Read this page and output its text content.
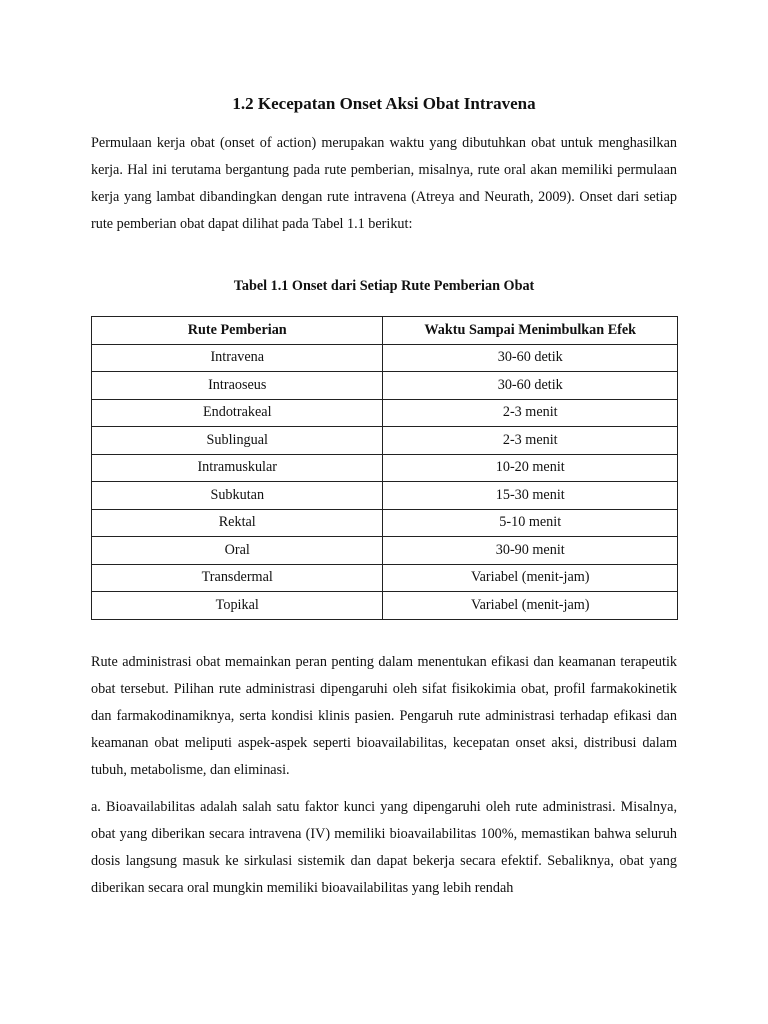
1.2 Kecepatan Onset Aksi Obat Intravena

Permulaan kerja obat (onset of action) merupakan waktu yang dibutuhkan obat untuk menghasilkan kerja. Hal ini terutama bergantung pada rute pemberian, misalnya, rute oral akan memiliki permulaan kerja yang lambat dibandingkan dengan rute intravena (Atreya and Neurath, 2009). Onset dari setiap rute pemberian obat dapat dilihat pada Tabel 1.1 berikut:

Tabel 1.1 Onset dari Setiap Rute Pemberian Obat
Rute Pemberian	Waktu Sampai Menimbulkan Efek
Intravena	30-60 detik
Intraoseus	30-60 detik
Endotrakeal	2-3 menit
Sublingual	2-3 menit
Intramuskular	10-20 menit
Subkutan	15-30 menit
Rektal	5-10 menit
Oral	30-90 menit
Transdermal	Variabel (menit-jam)
Topikal	Variabel (menit-jam)

Rute administrasi obat memainkan peran penting dalam menentukan efikasi dan keamanan terapeutik obat tersebut. Pilihan rute administrasi dipengaruhi oleh sifat fisikokimia obat, profil farmakokinetik dan farmakodinamiknya, serta kondisi klinis pasien. Pengaruh rute administrasi terhadap efikasi dan keamanan obat meliputi aspek-aspek seperti bioavailabilitas, kecepatan onset aksi, distribusi dalam tubuh, metabolisme, dan eliminasi.

a. Bioavailabilitas adalah salah satu faktor kunci yang dipengaruhi oleh rute administrasi. Misalnya, obat yang diberikan secara intravena (IV) memiliki bioavailabilitas 100%, memastikan bahwa seluruh dosis langsung masuk ke sirkulasi sistemik dan dapat bekerja secara efektif. Sebaliknya, obat yang diberikan secara oral mungkin memiliki bioavailabilitas yang lebih rendah
